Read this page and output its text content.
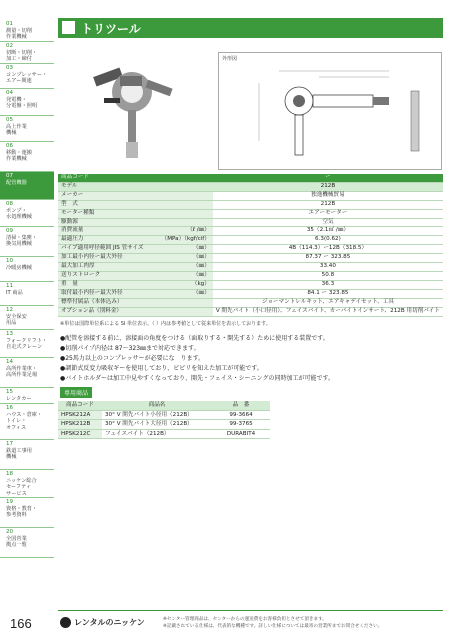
01
測量・切削
作業機械
02
切断・切削・
加工・締付
03
コンプレッサー・
エアー関連
04
発電機・
分電盤・照明
05
高上作業
機械
06
移動・運搬
作業機械
07
配管機器
08
ポンプ・
水処理機械
09
清掃・集塵・
換気用機械
10
冷暖房機械
11
IT 商品
12
安全保安
用品
13
フォークリフト・
自走式クレーン
14
高所作業車・
高所作業足場
15
レンタカー
16
ハウス・倉庫・
トイレ・
オフィス
17
鉄道工事用
機械
18
ニッケン総合
セーフティ
サービス
19
資格・教育・
参考資料
20
全国営業
拠点一覧
166
トリツール
外形図
商品コード		ー
モデル		212B
メーカー		独逸機械貿易
型　式		212B
モーター種類		エアーモーター
駆動源		空気
消費流量	（ℓ /㎜）	35（2.1㎥ /㎜）
最適圧力	（MPa）（kgf/cif）	6.3(0.62)
パイプ適用呼径範囲 JIS 管サイズ	（㎜）	4B（114.3）ー12B（318.5）
加工最小内径ー最大外径	（㎜）	87.37 ー 323.85
最大加工肉厚	（㎜）	33.40
送りストローク	（㎜）	50.8
重　量	（kg）	36.3
取付最小内径ー最大外径	（㎜）	84.1 ー 323.85
標準付属品（本体込み）		ジョーマントレルキット、エアキャデイセット、工具
オプション品（別料金）		V 開先バイト（小口径用）、フェイスバイト、カーバイトインサート、212B 用切削バイト
※単位は国際単位系による SI 単位表示。（ ）内は参考値として従来単位を表示しております。
●配管を溶接する前に、溶接面の角度をつける（面取りする・開先する）ために使用する装置です。
●切削パイプ内径は 87〜323㎜まで対応できます。
●25馬力以上のコンプレッサーが必要にな　ります。
●調節式反変力吸収ギーを使用しており、ビビリを知えた加工が可能です。
●バイトホルダーは加工中見やすくなっており、開先・フェイス・シーニングの同時加工が可能です。
専用商品
商品コード	商品名	品　番
HPSK212A	30° V 開先バイト小径用（212B）	99-3664
HPSK212B	30° V 開先バイト大径用（212B）	99-3765
HPSK212C	フェイスバイト（212B）	DURABIT4
レンタルのニッケン	※センター管理商品は、センターからの運送費をお客様負担とさせて頂きます。
※記載されている仕様は、代表的な機種です。詳しい仕様については最寄の営業所までお問合せください。
